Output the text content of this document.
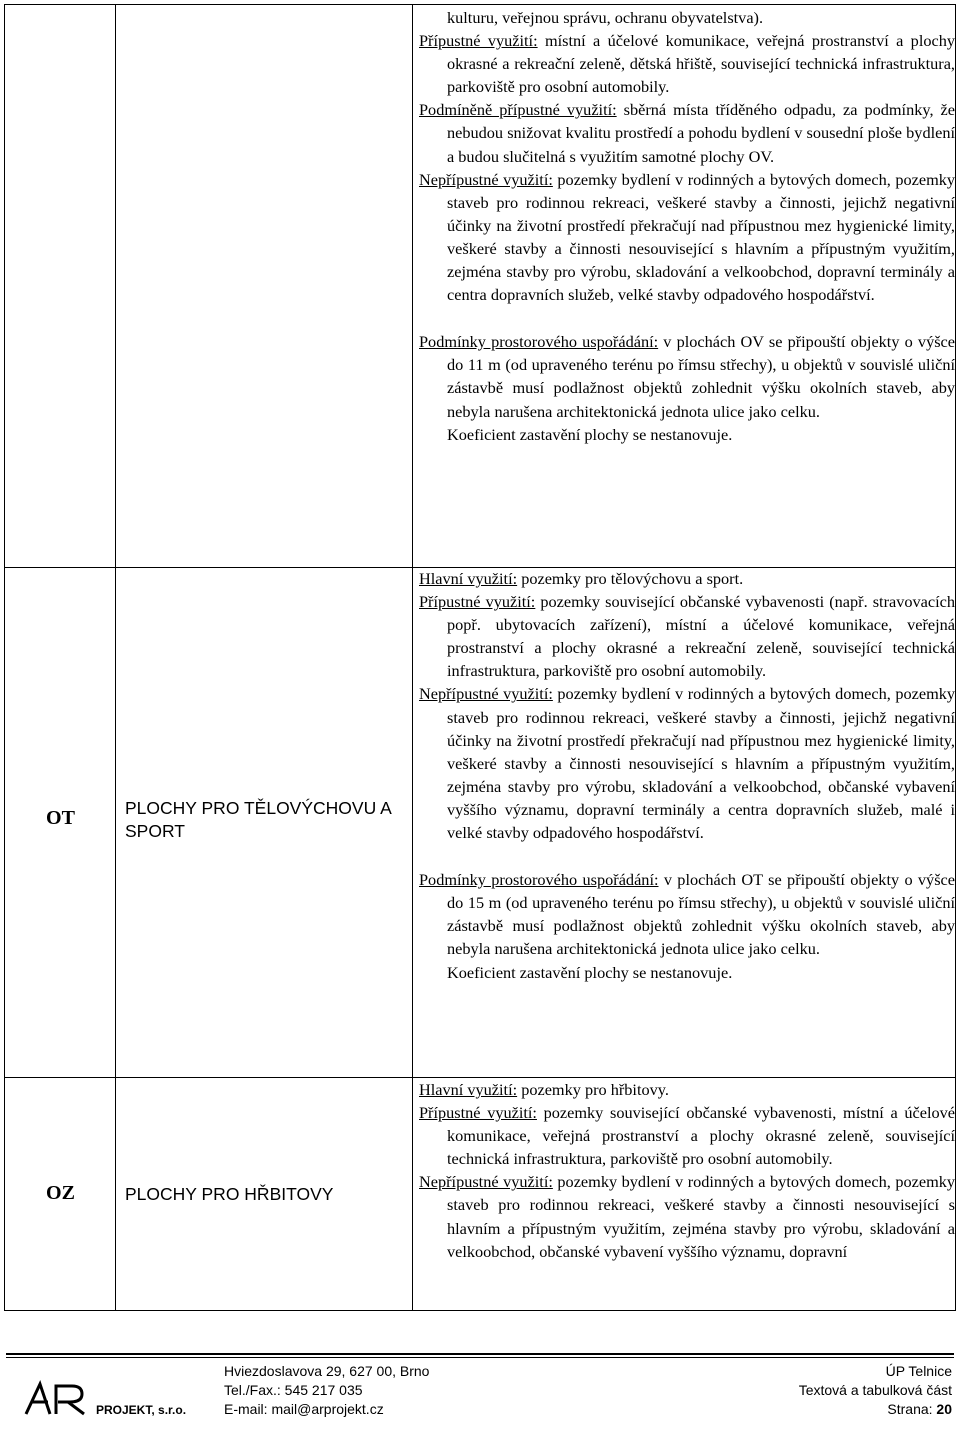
kulturu, veřejnou správu, ochranu obyvatelstva).

Přípustné využití: místní a účelové komunikace, veřejná prostranství a plochy okrasné a rekreační zeleně, dětská hřiště, související technická infrastruktura, parkoviště pro osobní automobily.

Podmíněně přípustné využití: sběrná místa tříděného odpadu, za podmínky, že nebudou snižovat kvalitu prostředí a pohodu bydlení v sousední ploše bydlení a budou slučitelná s využitím samotné plochy OV.

Nepřípustné využití: pozemky bydlení v rodinných a bytových domech, pozemky staveb pro rodinnou rekreaci, veškeré stavby a činnosti, jejichž negativní účinky na životní prostředí překračují nad přípustnou mez hygienické limity, veškeré stavby a činnosti nesouvisející s hlavním a přípustným využitím, zejména stavby pro výrobu, skladování a velkoobchod, dopravní terminály a centra dopravních služeb, velké stavby odpadového hospodářství.

Podmínky prostorového uspořádání: v plochách OV se připouští objekty o výšce do 11 m (od upraveného terénu po římsu střechy), u objektů v souvislé uliční zástavbě musí podlažnost objektů zohlednit výšku okolních staveb, aby nebyla narušena architektonická jednota ulice jako celku.

Koeficient zastavění plochy se nestanovuje.

OT	PLOCHY PRO TĚLOVÝCHOVU A SPORT

Hlavní využití: pozemky pro tělovýchovu a sport.

Přípustné využití: pozemky související občanské vybavenosti (např. stravovacích popř. ubytovacích zařízení), místní a účelové komunikace, veřejná prostranství a plochy okrasné a rekreační zeleně, související technická infrastruktura, parkoviště pro osobní automobily.

Nepřípustné využití: pozemky bydlení v rodinných a bytových domech, pozemky staveb pro rodinnou rekreaci, veškeré stavby a činnosti, jejichž negativní účinky na životní prostředí překračují nad přípustnou mez hygienické limity, veškeré stavby a činnosti nesouvisející s hlavním a přípustným využitím, zejména stavby pro výrobu, skladování a velkoobchod, občanské vybavení vyššího významu, dopravní terminály a centra dopravních služeb, malé i velké stavby odpadového hospodářství.

Podmínky prostorového uspořádání: v plochách OT se připouští objekty o výšce do 15 m (od upraveného terénu po římsu střechy), u objektů v souvislé uliční zástavbě musí podlažnost objektů zohlednit výšku okolních staveb, aby nebyla narušena architektonická jednota ulice jako celku.

Koeficient zastavění plochy se nestanovuje.

OZ	PLOCHY PRO HŘBITOVY

Hlavní využití: pozemky pro hřbitovy.

Přípustné využití: pozemky související občanské vybavenosti, místní a účelové komunikace, veřejná prostranství a plochy okrasné zeleně, související technická infrastruktura, parkoviště pro osobní automobily.

Nepřípustné využití: pozemky bydlení v rodinných a bytových domech, pozemky staveb pro rodinnou rekreaci, veškeré stavby a činnosti nesouvisející s hlavním a přípustným využitím, zejména stavby pro výrobu, skladování a velkoobchod, občanské vybavení vyššího významu, dopravní

PROJEKT, s.r.o.
Hviezdoslavova 29, 627 00, Brno
Tel./Fax.: 545 217 035
E-mail: mail@arprojekt.cz
ÚP Telnice
Textová a tabulková část
Strana: 20
